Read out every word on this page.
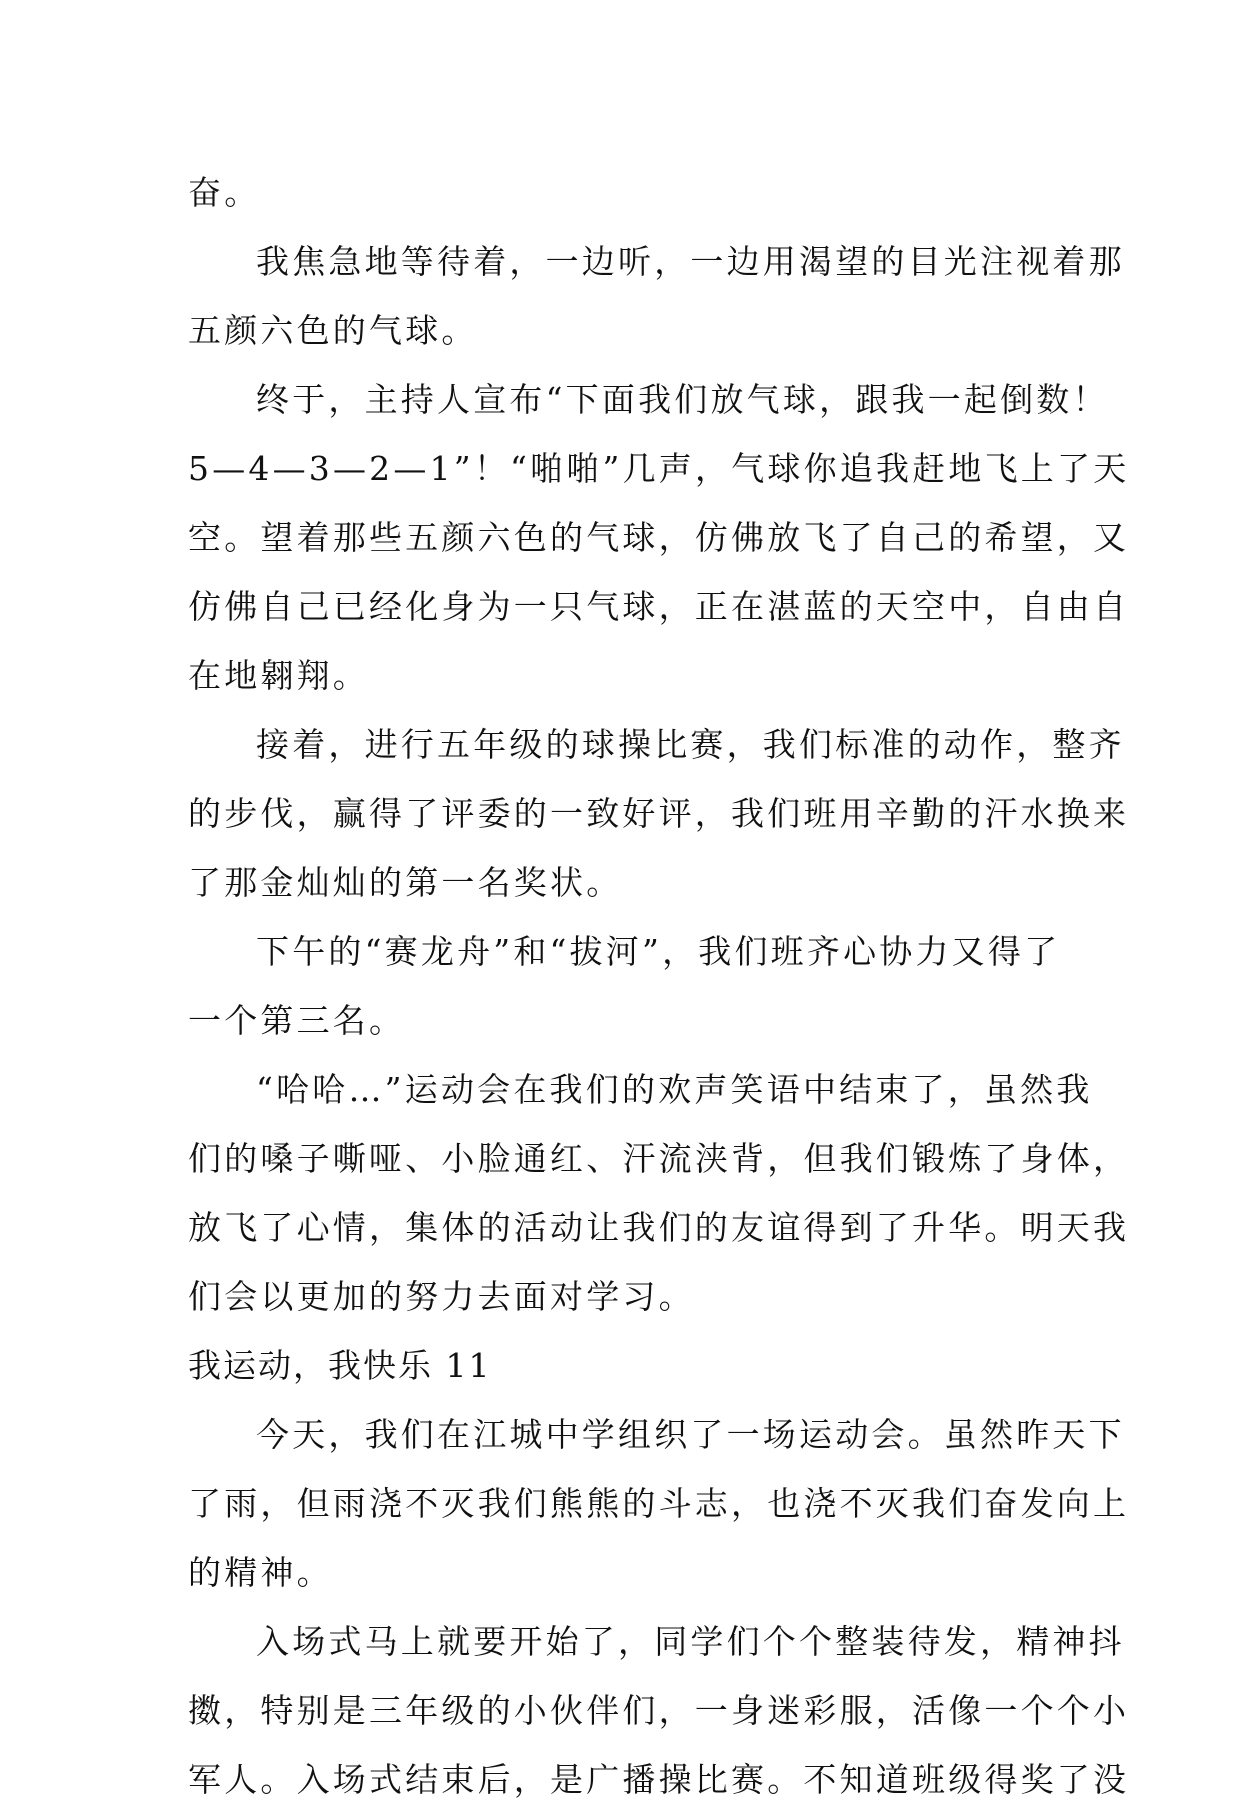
奋。
我焦急地等待着，一边听，一边用渴望的目光注视着那
五颜六色的气球。
终于，主持人宣布“下面我们放气球，跟我一起倒数！
5—4—3—2—1”！“啪啪”几声，气球你追我赶地飞上了天
空。望着那些五颜六色的气球，仿佛放飞了自己的希望，又
仿佛自己已经化身为一只气球，正在湛蓝的天空中，自由自
在地翱翔。
接着，进行五年级的球操比赛，我们标准的动作，整齐
的步伐，赢得了评委的一致好评，我们班用辛勤的汗水换来
了那金灿灿的第一名奖状。
下午的“赛龙舟”和“拔河”，我们班齐心协力又得了
一个第三名。
“哈哈…”运动会在我们的欢声笑语中结束了，虽然我
们的嗓子嘶哑、小脸通红、汗流浃背，但我们锻炼了身体，
放飞了心情，集体的活动让我们的友谊得到了升华。明天我
们会以更加的努力去面对学习。
我运动，我快乐 11
今天，我们在江城中学组织了一场运动会。虽然昨天下
了雨，但雨浇不灭我们熊熊的斗志，也浇不灭我们奋发向上
的精神。
入场式马上就要开始了，同学们个个整装待发，精神抖
擞，特别是三年级的小伙伴们，一身迷彩服，活像一个个小
军人。入场式结束后，是广播操比赛。不知道班级得奖了没
